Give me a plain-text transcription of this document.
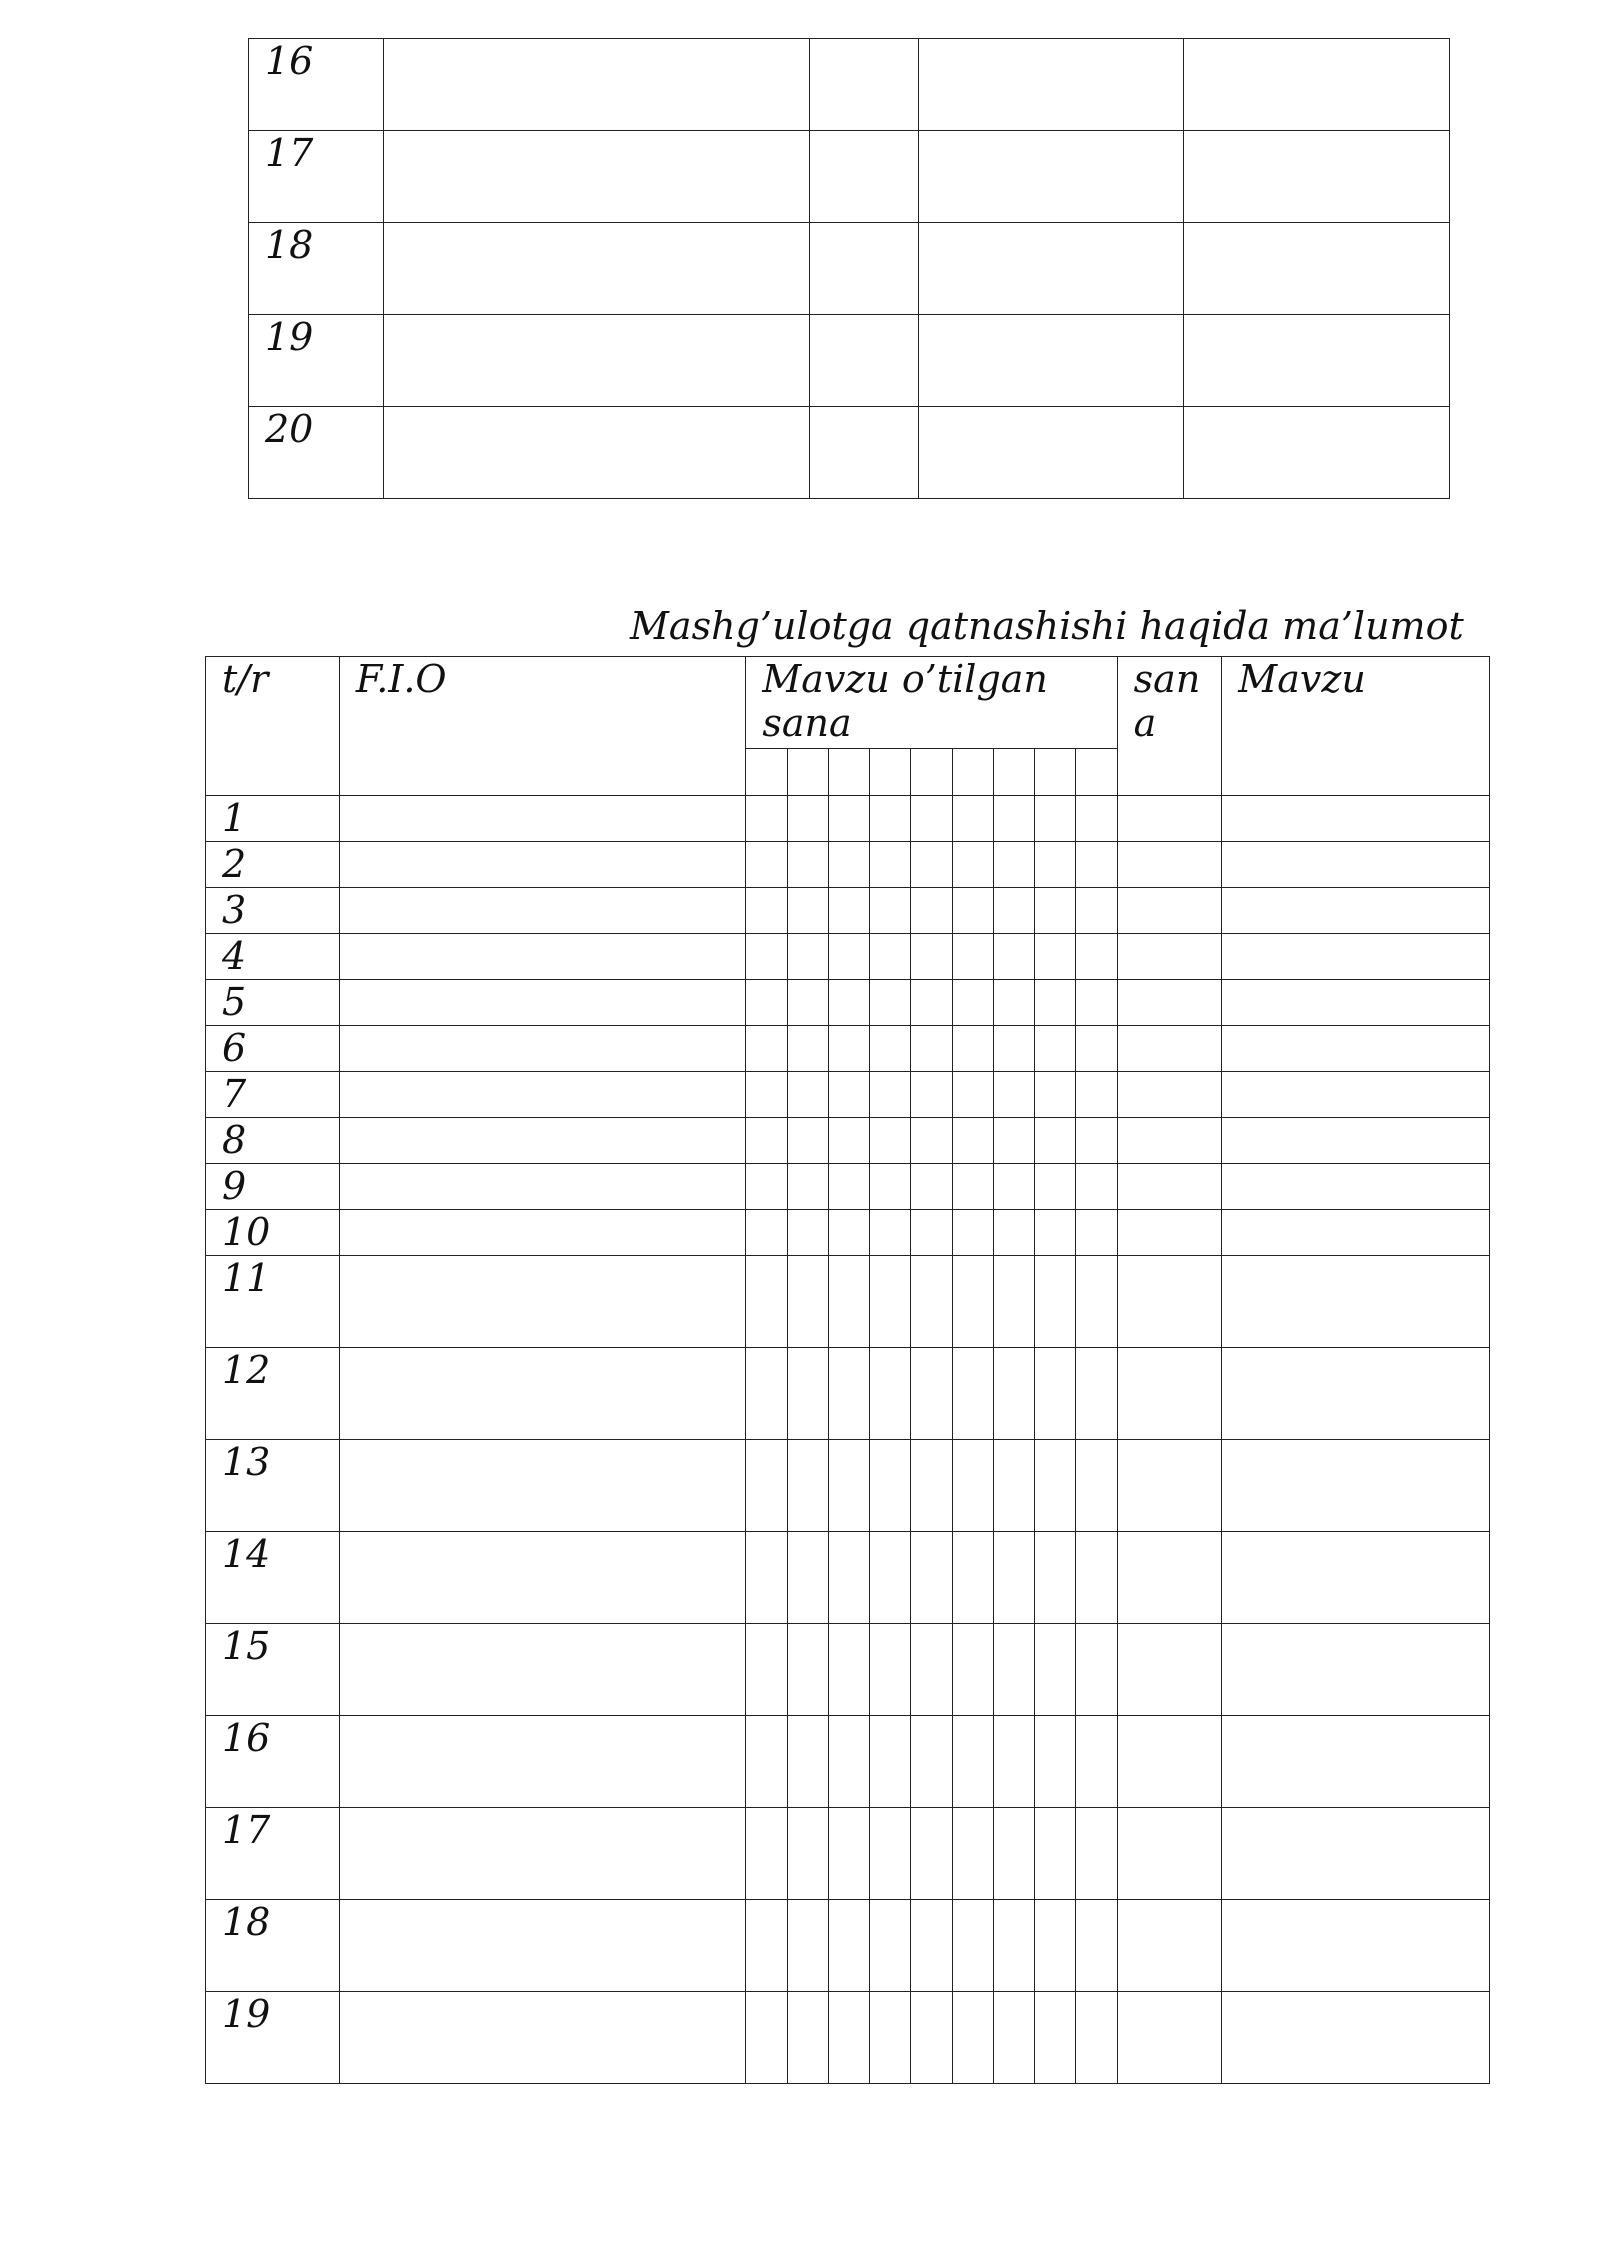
16				
17				
18				
19				
20				
Mashg’ulotga qatnashishi haqida ma’lumot
t/r	F.I.O	Mavzu o’tilgan sana									san a	Mavzu

1												
2												
3												
4												
5												
6												
7												
8												
9												
10												
11												
12												
13												
14												
15												
16												
17												
18												
19												
